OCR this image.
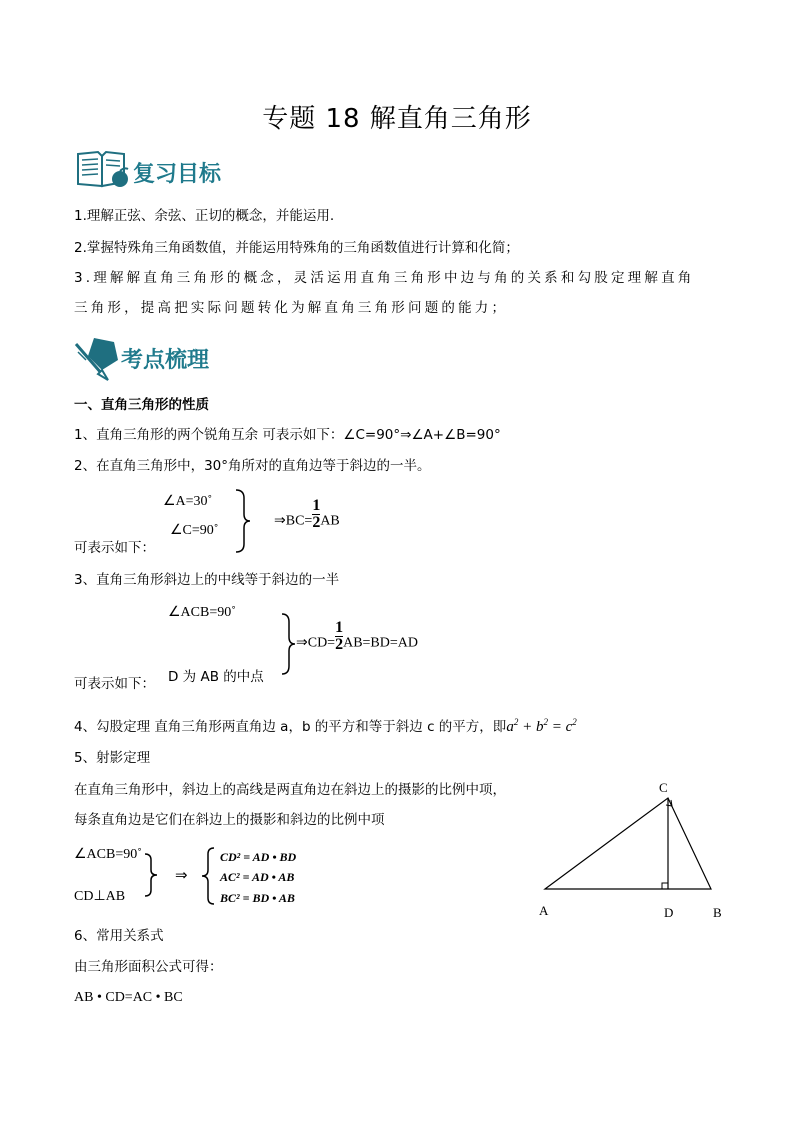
专题 18 解直角三角形
复习目标
1.理解正弦、余弦、正切的概念，并能运用.
2.掌握特殊角三角函数值，并能运用特殊角的三角函数值进行计算和化简；
3.理解解直角三角形的概念，灵活运用直角三角形中边与角的关系和勾股定理解直角
三角形，提高把实际问题转化为解直角三角形问题的能力；
考点梳理
一、直角三角形的性质
1、直角三角形的两个锐角互余 可表示如下：∠C=90°⇒∠A+∠B=90°
2、在直角三角形中，30°角所对的直角边等于斜边的一半。
∠A=30˚
∠C=90˚
⇒BC= $\frac{1}{2}$ AB
可表示如下：
3、直角三角形斜边上的中线等于斜边的一半
∠ACB=90˚
D 为 AB 的中点
⇒CD= $\frac{1}{2} AB=BD=AD$
可表示如下：
4、勾股定理 直角三角形两直角边 a，b 的平方和等于斜边 c 的平方，即$a^2 + b^2 = c^2$
5、射影定理
在直角三角形中，斜边上的高线是两直角边在斜边上的摄影的比例中项，
每条直角边是它们在斜边上的摄影和斜边的比例中项
∠ACB=90˚
CD⊥AB
⇒
CD² = AD • BD
AC² = AD • AB
BC² = BD • AB
C
A	D	B
6、常用关系式
由三角形面积公式可得：
AB • CD=AC • BC
